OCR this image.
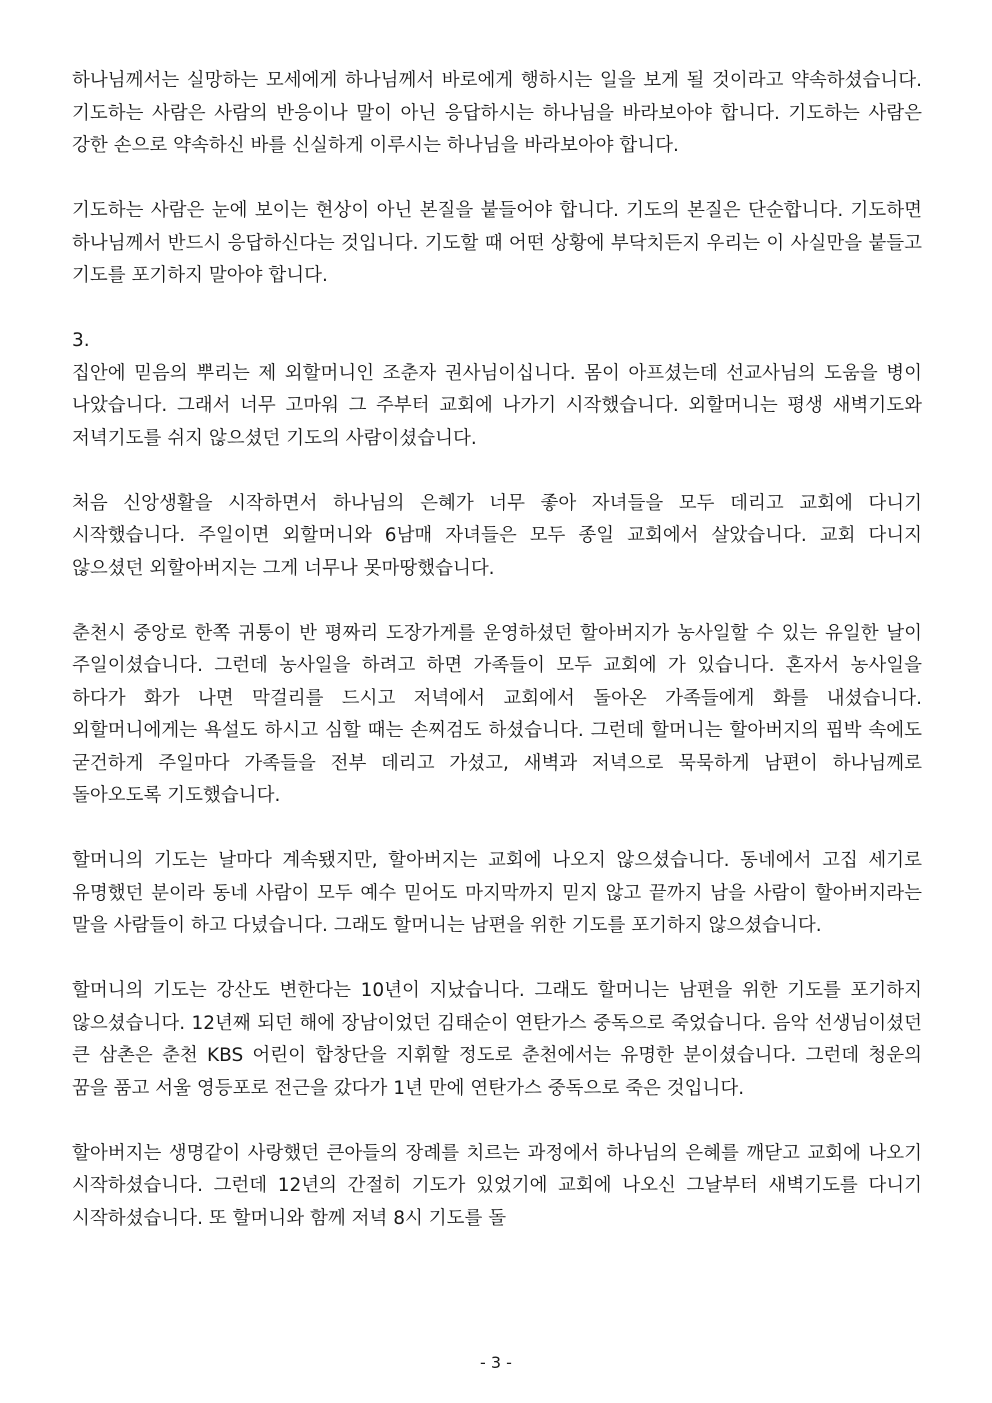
하나님께서는 실망하는 모세에게 하나님께서 바로에게 행하시는 일을 보게 될 것이라고 약속하셨습니다. 기도하는 사람은 사람의 반응이나 말이 아닌 응답하시는 하나님을 바라보아야 합니다. 기도하는 사람은 강한 손으로 약속하신 바를 신실하게 이루시는 하나님을 바라보아야 합니다.

기도하는 사람은 눈에 보이는 현상이 아닌 본질을 붙들어야 합니다. 기도의 본질은 단순합니다. 기도하면 하나님께서 반드시 응답하신다는 것입니다. 기도할 때 어떤 상황에 부닥치든지 우리는 이 사실만을 붙들고 기도를 포기하지 말아야 합니다.

3.

집안에 믿음의 뿌리는 제 외할머니인 조춘자 권사님이십니다. 몸이 아프셨는데 선교사님의 도움을 병이 나았습니다. 그래서 너무 고마워 그 주부터 교회에 나가기 시작했습니다. 외할머니는 평생 새벽기도와 저녁기도를 쉬지 않으셨던 기도의 사람이셨습니다.

처음 신앙생활을 시작하면서 하나님의 은혜가 너무 좋아 자녀들을 모두 데리고 교회에 다니기 시작했습니다. 주일이면 외할머니와 6남매 자녀들은 모두 종일 교회에서 살았습니다. 교회 다니지 않으셨던 외할아버지는 그게 너무나 못마땅했습니다.

춘천시 중앙로 한쪽 귀퉁이 반 평짜리 도장가게를 운영하셨던 할아버지가 농사일할 수 있는 유일한 날이 주일이셨습니다. 그런데 농사일을 하려고 하면 가족들이 모두 교회에 가 있습니다. 혼자서 농사일을 하다가 화가 나면 막걸리를 드시고 저녁에서 교회에서 돌아온 가족들에게 화를 내셨습니다. 외할머니에게는 욕설도 하시고 심할 때는 손찌검도 하셨습니다. 그런데 할머니는 할아버지의 핍박 속에도 굳건하게 주일마다 가족들을 전부 데리고 가셨고, 새벽과 저녁으로 묵묵하게 남편이 하나님께로 돌아오도록 기도했습니다.

할머니의 기도는 날마다 계속됐지만, 할아버지는 교회에 나오지 않으셨습니다. 동네에서 고집 세기로 유명했던 분이라 동네 사람이 모두 예수 믿어도 마지막까지 믿지 않고 끝까지 남을 사람이 할아버지라는 말을 사람들이 하고 다녔습니다. 그래도 할머니는 남편을 위한 기도를 포기하지 않으셨습니다.

할머니의 기도는 강산도 변한다는 10년이 지났습니다. 그래도 할머니는 남편을 위한 기도를 포기하지 않으셨습니다. 12년째 되던 해에 장남이었던 김태순이 연탄가스 중독으로 죽었습니다. 음악 선생님이셨던 큰 삼촌은 춘천 KBS 어린이 합창단을 지휘할 정도로 춘천에서는 유명한 분이셨습니다. 그런데 청운의 꿈을 품고 서울 영등포로 전근을 갔다가 1년 만에 연탄가스 중독으로 죽은 것입니다.

할아버지는 생명같이 사랑했던 큰아들의 장례를 치르는 과정에서 하나님의 은혜를 깨닫고 교회에 나오기 시작하셨습니다. 그런데 12년의 간절히 기도가 있었기에 교회에 나오신 그날부터 새벽기도를 다니기 시작하셨습니다. 또 할머니와 함께 저녁 8시 기도를 돌

- 3 -
